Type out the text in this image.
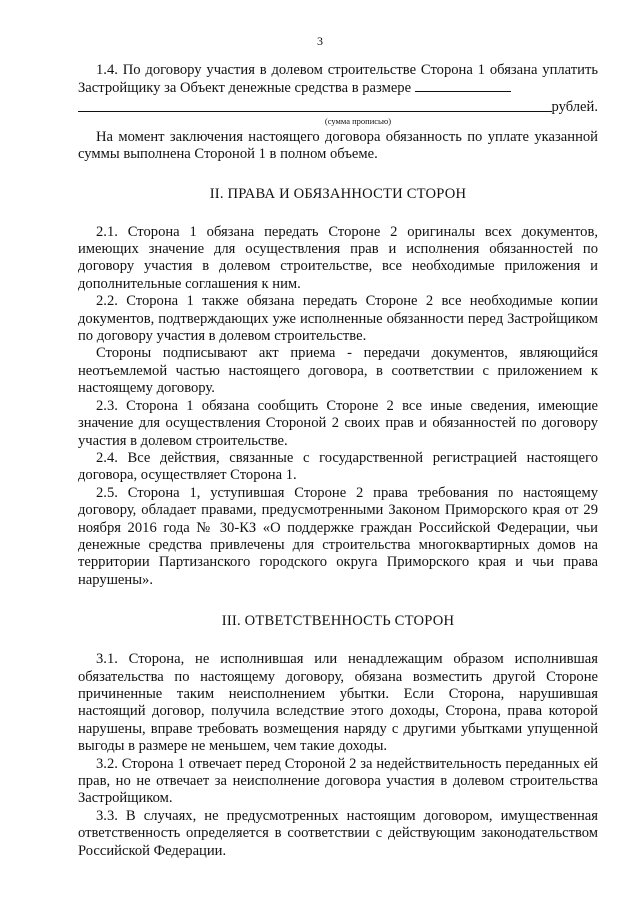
3

1.4. По договору участия в долевом строительстве Сторона 1 обязана уплатить Застройщику за Объект денежные средства в размере

рублей.
(сумма прописью)

На момент заключения настоящего договора обязанность по уплате указанной суммы выполнена Стороной 1 в полном объеме.

II. ПРАВА И ОБЯЗАННОСТИ СТОРОН

2.1. Сторона 1 обязана передать Стороне 2 оригиналы всех документов, имеющих значение для осуществления прав и исполнения обязанностей по договору участия в долевом строительстве, все необходимые приложения и дополнительные соглашения к ним.

2.2. Сторона 1 также обязана передать Стороне 2 все необходимые копии документов, подтверждающих уже исполненные обязанности перед Застройщиком по договору участия в долевом строительстве.

Стороны подписывают акт приема - передачи документов, являющийся неотъемлемой частью настоящего договора, в соответствии с приложением к настоящему договору.

2.3. Сторона 1 обязана сообщить Стороне 2 все иные сведения, имеющие значение для осуществления Стороной 2 своих прав и обязанностей по договору участия в долевом строительстве.

2.4. Все действия, связанные с государственной регистрацией настоящего договора, осуществляет Сторона 1.

2.5. Сторона 1, уступившая Стороне 2 права требования по настоящему договору, обладает правами, предусмотренными Законом Приморского края от 29 ноября 2016 года № 30-КЗ «О поддержке граждан Российской Федерации, чьи денежные средства привлечены для строительства многоквартирных домов на территории Партизанского городского округа Приморского края и чьи права нарушены».

III. ОТВЕТСТВЕННОСТЬ СТОРОН

3.1. Сторона, не исполнившая или ненадлежащим образом исполнившая обязательства по настоящему договору, обязана возместить другой Стороне причиненные таким неисполнением убытки. Если Сторона, нарушившая настоящий договор, получила вследствие этого доходы, Сторона, права которой нарушены, вправе требовать возмещения наряду с другими убытками упущенной выгоды в размере не меньшем, чем такие доходы.

3.2. Сторона 1 отвечает перед Стороной 2 за недействительность переданных ей прав, но не отвечает за неисполнение договора участия в долевом строительства Застройщиком.

3.3. В случаях, не предусмотренных настоящим договором, имущественная ответственность определяется в соответствии с действующим законодательством Российской Федерации.
